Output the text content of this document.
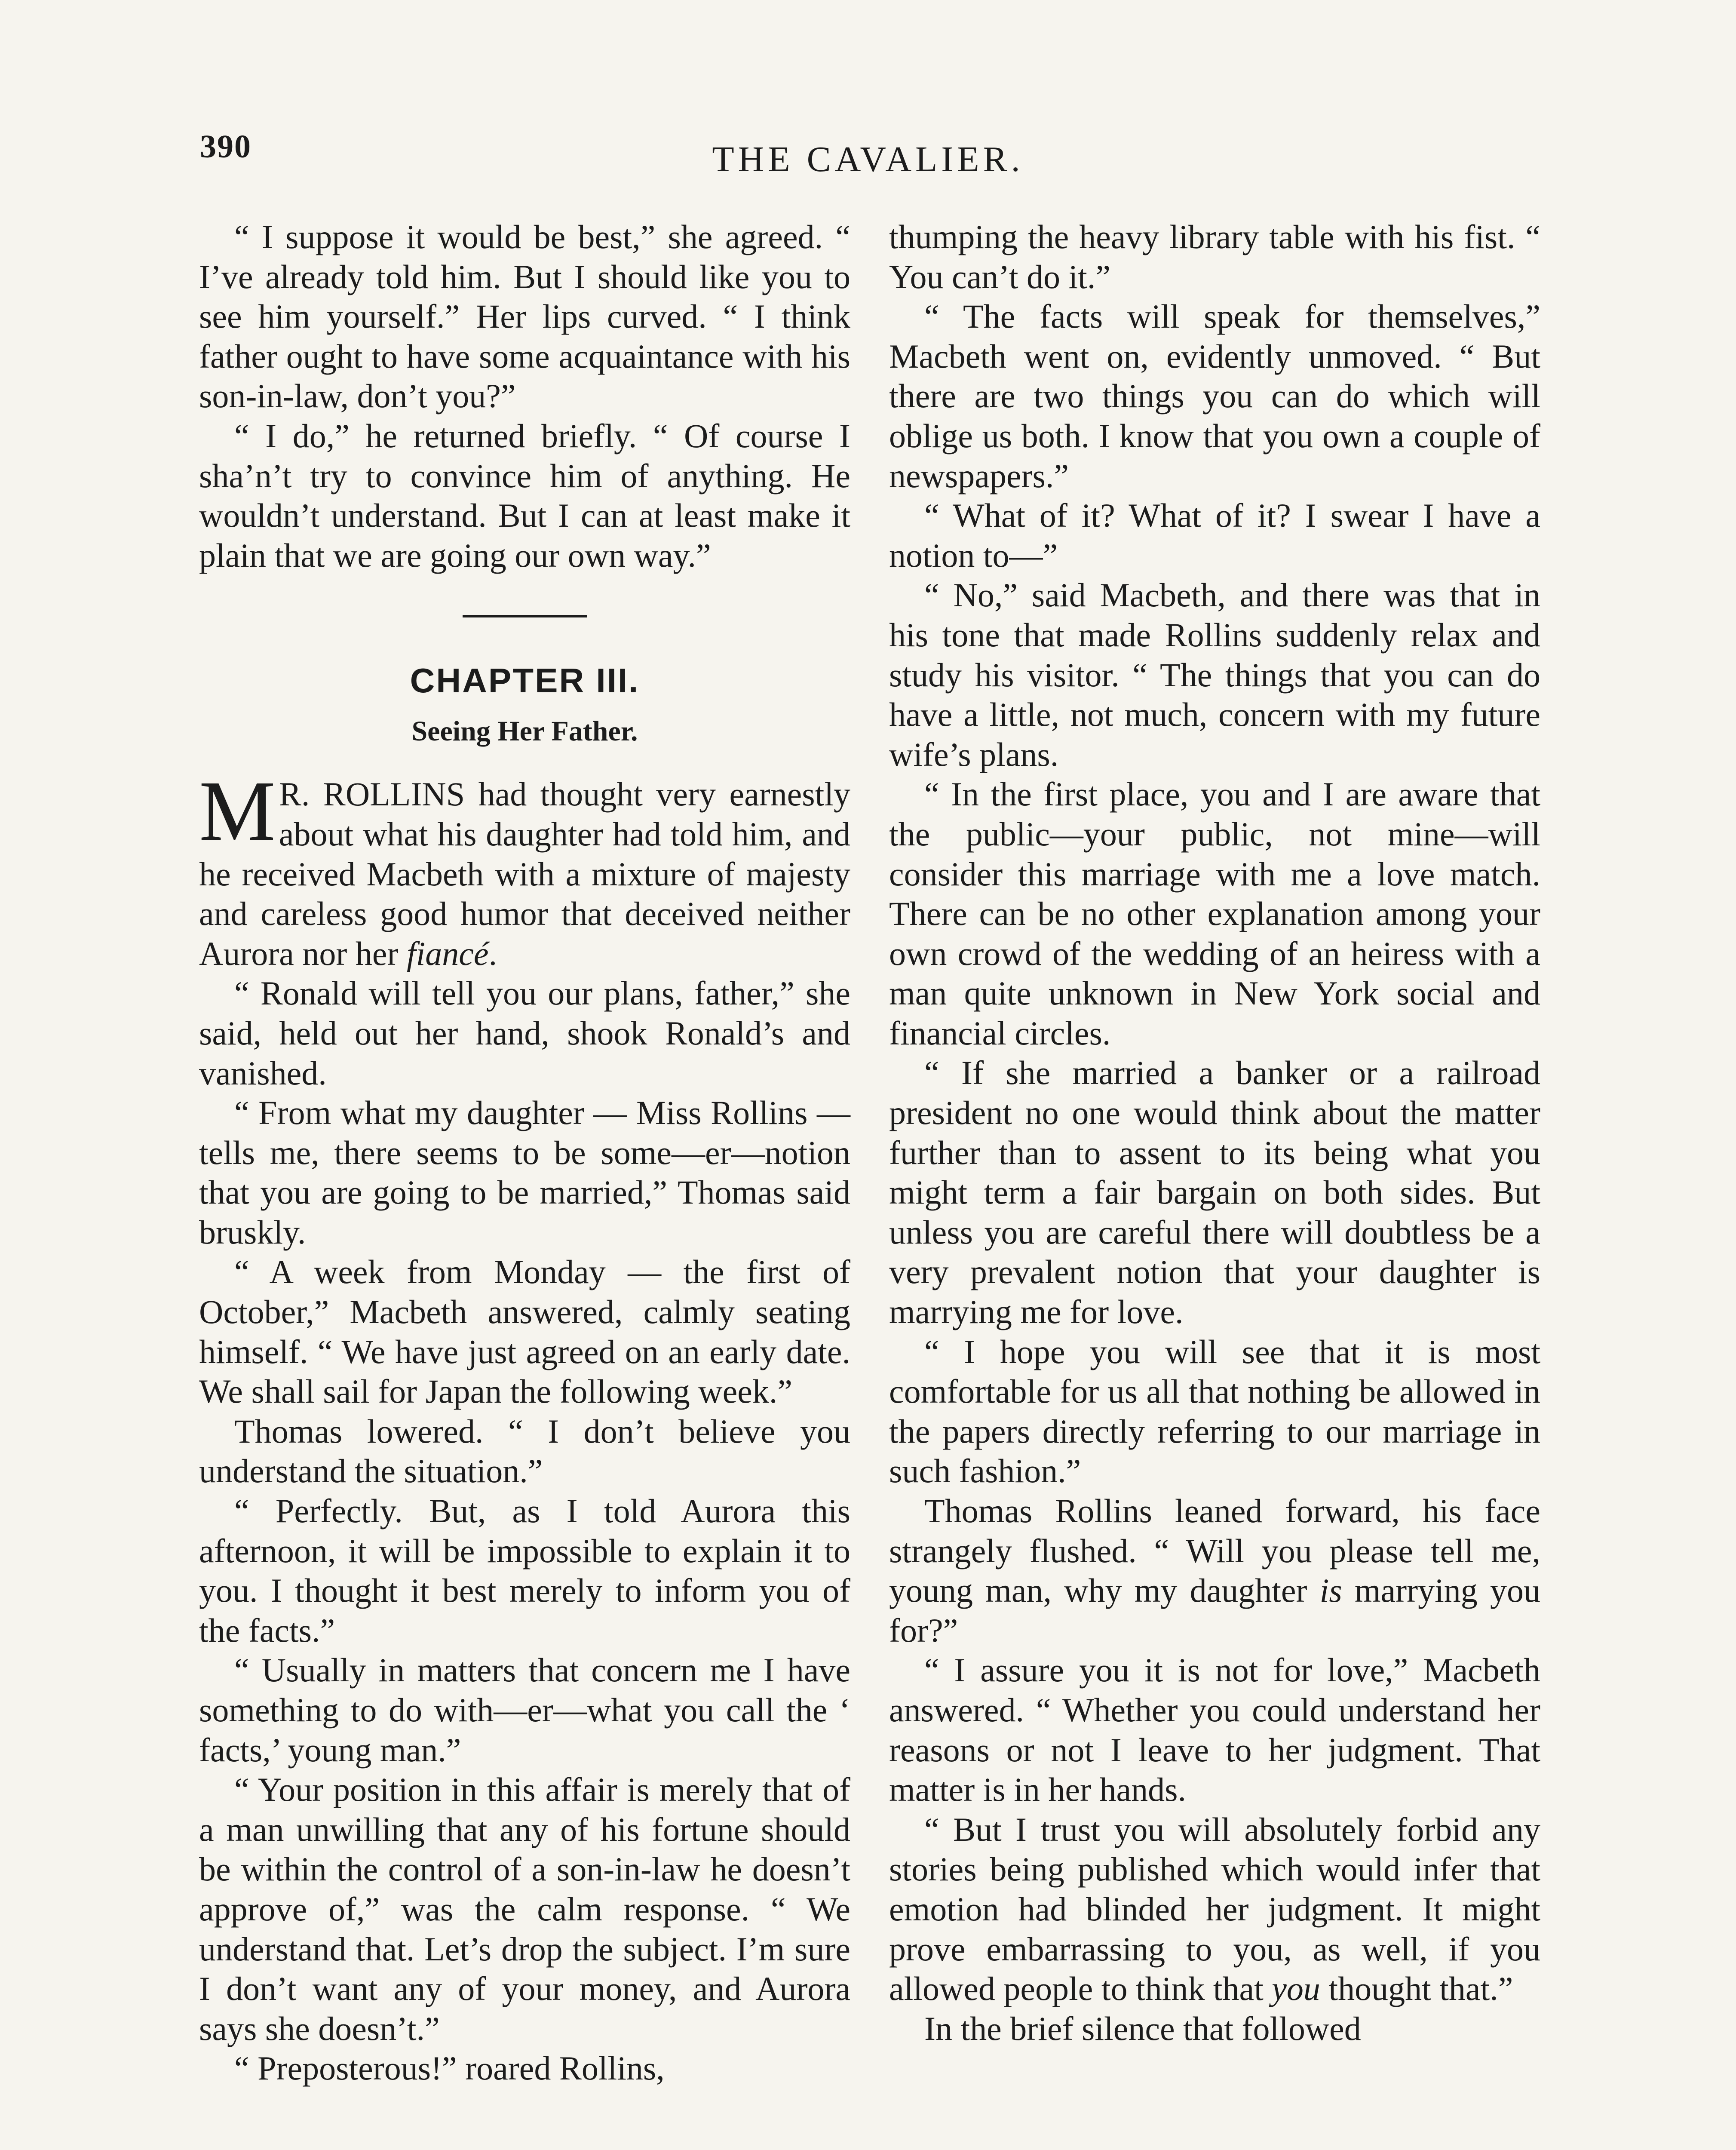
390	THE CAVALIER.

“ I suppose it would be best,” she agreed. “ I’ve already told him. But I should like you to see him yourself.” Her lips curved. “ I think father ought to have some acquaintance with his son-in-law, don’t you?”

“ I do,” he returned briefly. “ Of course I sha’n’t try to convince him of anything. He wouldn’t understand. But I can at least make it plain that we are going our own way.”

CHAPTER III.
Seeing Her Father.

M R. ROLLINS had thought very earnestly about what his daughter had told him, and he received Macbeth with a mixture of majesty and careless good humor that deceived neither Aurora nor her fiancé.

“ Ronald will tell you our plans, father,” she said, held out her hand, shook Ronald’s and vanished.

“ From what my daughter — Miss Rollins — tells me, there seems to be some—er—notion that you are going to be married,” Thomas said bruskly.

“ A week from Monday — the first of October,” Macbeth answered, calmly seating himself. “ We have just agreed on an early date. We shall sail for Japan the following week.”

Thomas lowered. “ I don’t believe you understand the situation.”

“ Perfectly. But, as I told Aurora this afternoon, it will be impossible to explain it to you. I thought it best merely to inform you of the facts.”

“ Usually in matters that concern me I have something to do with—er—what you call the ‘ facts,’ young man.”

“ Your position in this affair is merely that of a man unwilling that any of his fortune should be within the control of a son-in-law he doesn’t approve of,” was the calm response. “ We understand that. Let’s drop the subject. I’m sure I don’t want any of your money, and Aurora says she doesn’t.”

“ Preposterous!” roared Rollins,

thumping the heavy library table with his fist. “ You can’t do it.”

“ The facts will speak for themselves,” Macbeth went on, evidently unmoved. “ But there are two things you can do which will oblige us both. I know that you own a couple of newspapers.”

“ What of it? What of it? I swear I have a notion to—”

“ No,” said Macbeth, and there was that in his tone that made Rollins suddenly relax and study his visitor. “ The things that you can do have a little, not much, concern with my future wife’s plans.

“ In the first place, you and I are aware that the public—your public, not mine—will consider this marriage with me a love match. There can be no other explanation among your own crowd of the wedding of an heiress with a man quite unknown in New York social and financial circles.

“ If she married a banker or a railroad president no one would think about the matter further than to assent to its being what you might term a fair bargain on both sides. But unless you are careful there will doubtless be a very prevalent notion that your daughter is marrying me for love.

“ I hope you will see that it is most comfortable for us all that nothing be allowed in the papers directly referring to our marriage in such fashion.”

Thomas Rollins leaned forward, his face strangely flushed. “ Will you please tell me, young man, why my daughter is marrying you for?”

“ I assure you it is not for love,” Macbeth answered. “ Whether you could understand her reasons or not I leave to her judgment. That matter is in her hands.

“ But I trust you will absolutely forbid any stories being published which would infer that emotion had blinded her judgment. It might prove embarrassing to you, as well, if you allowed people to think that you thought that.”

In the brief silence that followed
